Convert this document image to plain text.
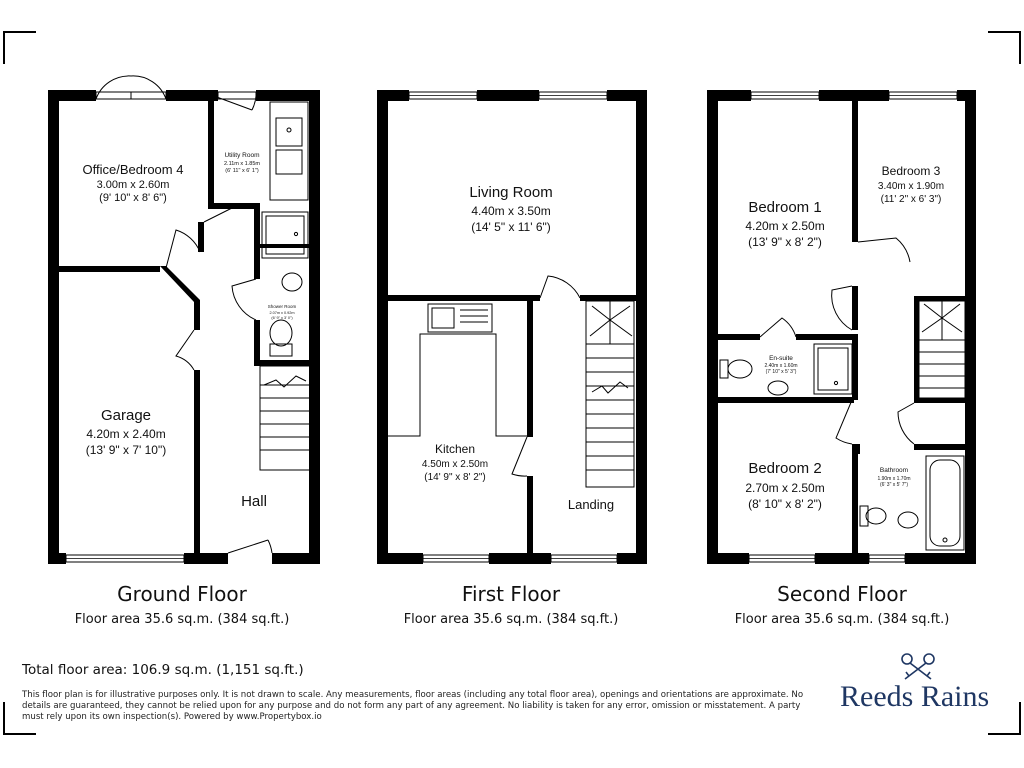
Office/Bedroom 4
3.00m x 2.60m
(9' 10" x 8' 6")
Utility Room
2.11m x 1.85m
(6' 11" x 6' 1")
Shower Room
2.07m x 0.92m
(6' 9" x 3' 0")
Garage
4.20m x 2.40m
(13' 9" x 7' 10")
Hall
Living Room
4.40m x 3.50m
(14' 5" x 11' 6")
Kitchen
4.50m x 2.50m
(14' 9" x 8' 2")
Landing
Bedroom 1
4.20m x 2.50m
(13' 9" x 8' 2")
Bedroom 3
3.40m x 1.90m
(11' 2" x 6' 3")
En-suite
2.40m x 1.60m
(7' 10" x 5' 3")
Bedroom 2
2.70m x 2.50m
(8' 10" x 8' 2")
Bathroom
1.90m x 1.70m
(6' 3" x 5' 7")
Ground Floor
Floor area 35.6 sq.m. (384 sq.ft.)
First Floor
Floor area 35.6 sq.m. (384 sq.ft.)
Second Floor
Floor area 35.6 sq.m. (384 sq.ft.)

Total floor area: 106.9 sq.m. (1,151 sq.ft.)

This floor plan is for illustrative purposes only. It is not drawn to scale. Any measurements, floor areas (including any total floor area), openings and orientations are approximate. No details are guaranteed, they cannot be relied upon for any purpose and do not form any part of any agreement. No liability is taken for any error, omission or misstatement. A party must rely upon its own inspection(s). Powered by www.Propertybox.io

Reeds Rains
